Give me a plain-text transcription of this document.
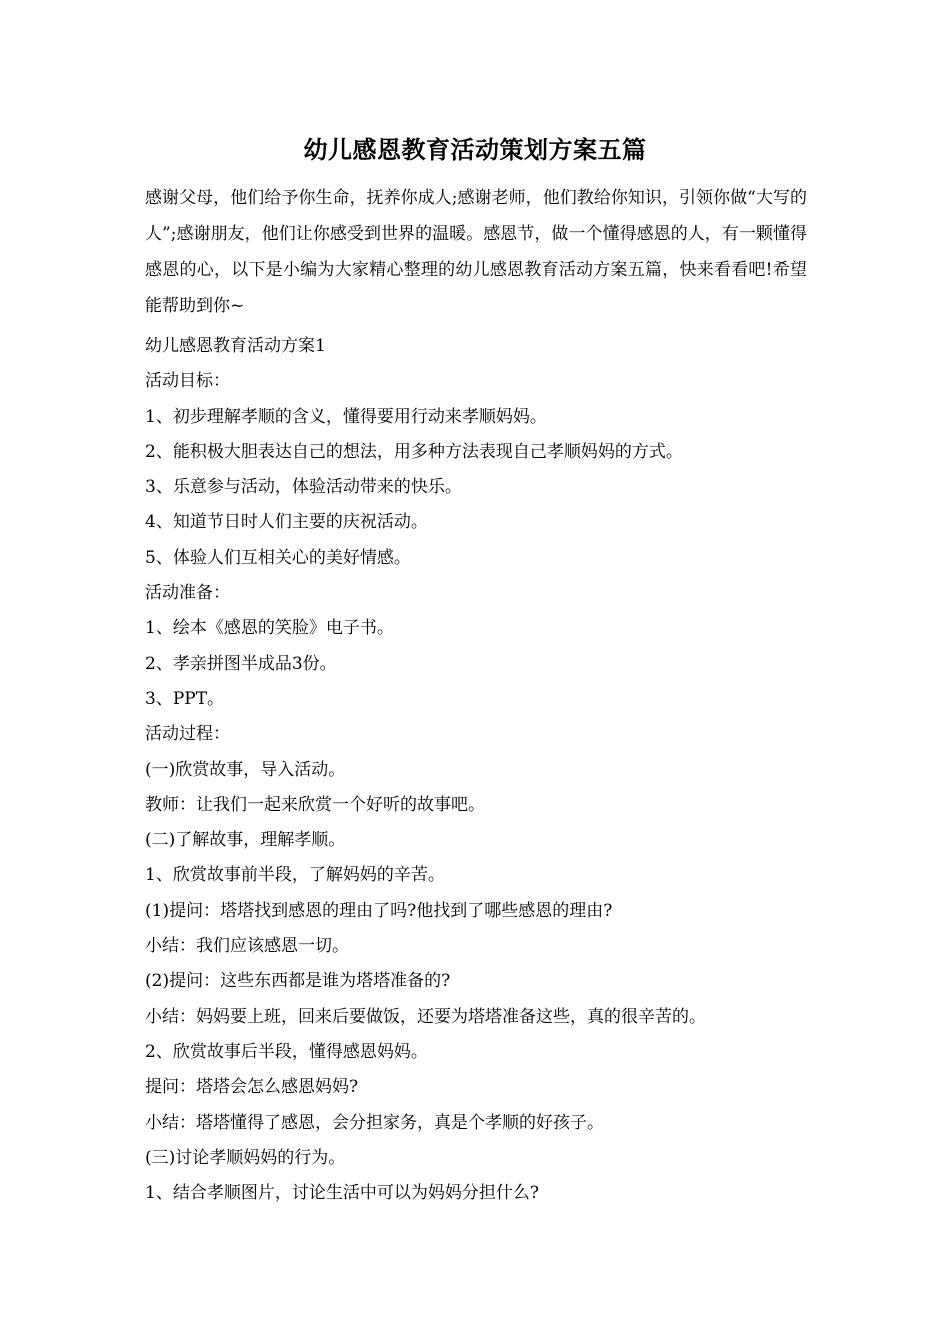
幼儿感恩教育活动策划方案五篇

感谢父母，他们给予你生命，抚养你成人;感谢老师，他们教给你知识，引领你做“大写的人”;感谢朋友，他们让你感受到世界的温暖。感恩节，做一个懂得感恩的人，有一颗懂得感恩的心，以下是小编为大家精心整理的幼儿感恩教育活动方案五篇，快来看看吧!希望能帮助到你~

幼儿感恩教育活动方案1
活动目标：
1、初步理解孝顺的含义，懂得要用行动来孝顺妈妈。
2、能积极大胆表达自己的想法，用多种方法表现自己孝顺妈妈的方式。
3、乐意参与活动，体验活动带来的快乐。
4、知道节日时人们主要的庆祝活动。
5、体验人们互相关心的美好情感。
活动准备：
1、绘本《感恩的笑脸》电子书。
2、孝亲拼图半成品3份。
3、PPT。
活动过程：
(一)欣赏故事，导入活动。
教师：让我们一起来欣赏一个好听的故事吧。
(二)了解故事，理解孝顺。
1、欣赏故事前半段，了解妈妈的辛苦。
(1)提问：塔塔找到感恩的理由了吗?他找到了哪些感恩的理由?
小结：我们应该感恩一切。
(2)提问：这些东西都是谁为塔塔准备的?
小结：妈妈要上班，回来后要做饭，还要为塔塔准备这些，真的很辛苦的。
2、欣赏故事后半段，懂得感恩妈妈。
提问：塔塔会怎么感恩妈妈?
小结：塔塔懂得了感恩，会分担家务，真是个孝顺的好孩子。
(三)讨论孝顺妈妈的行为。
1、结合孝顺图片，讨论生活中可以为妈妈分担什么?
